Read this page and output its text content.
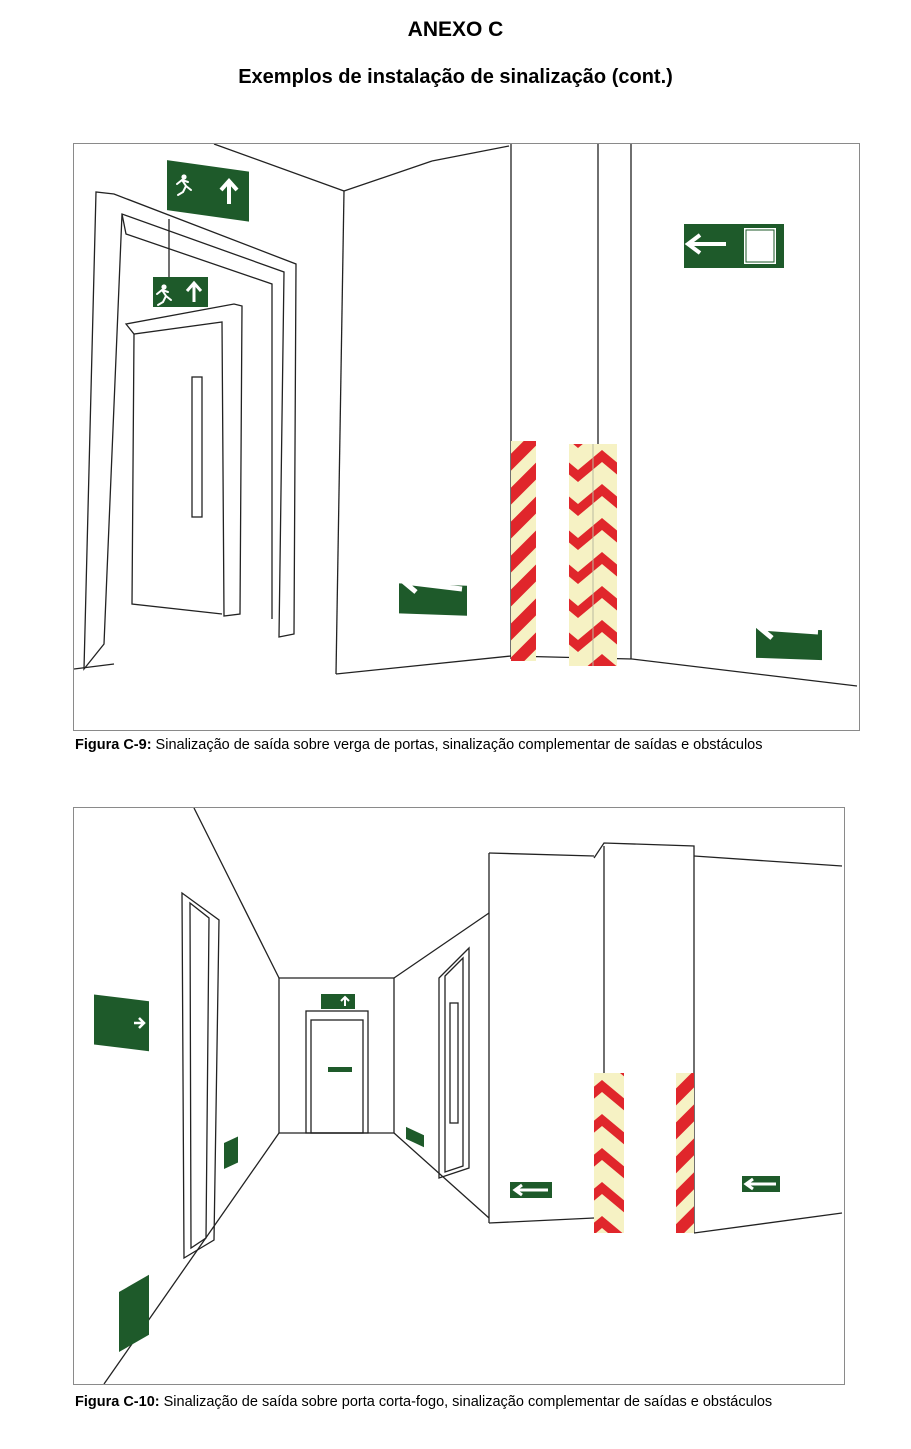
ANEXO C
Exemplos de instalação de sinalização (cont.)
Figura C-9: Sinalização de saída sobre verga de portas, sinalização complementar de saídas e obstáculos
Figura C-10: Sinalização de saída sobre porta corta-fogo, sinalização complementar de saídas e obstáculos
